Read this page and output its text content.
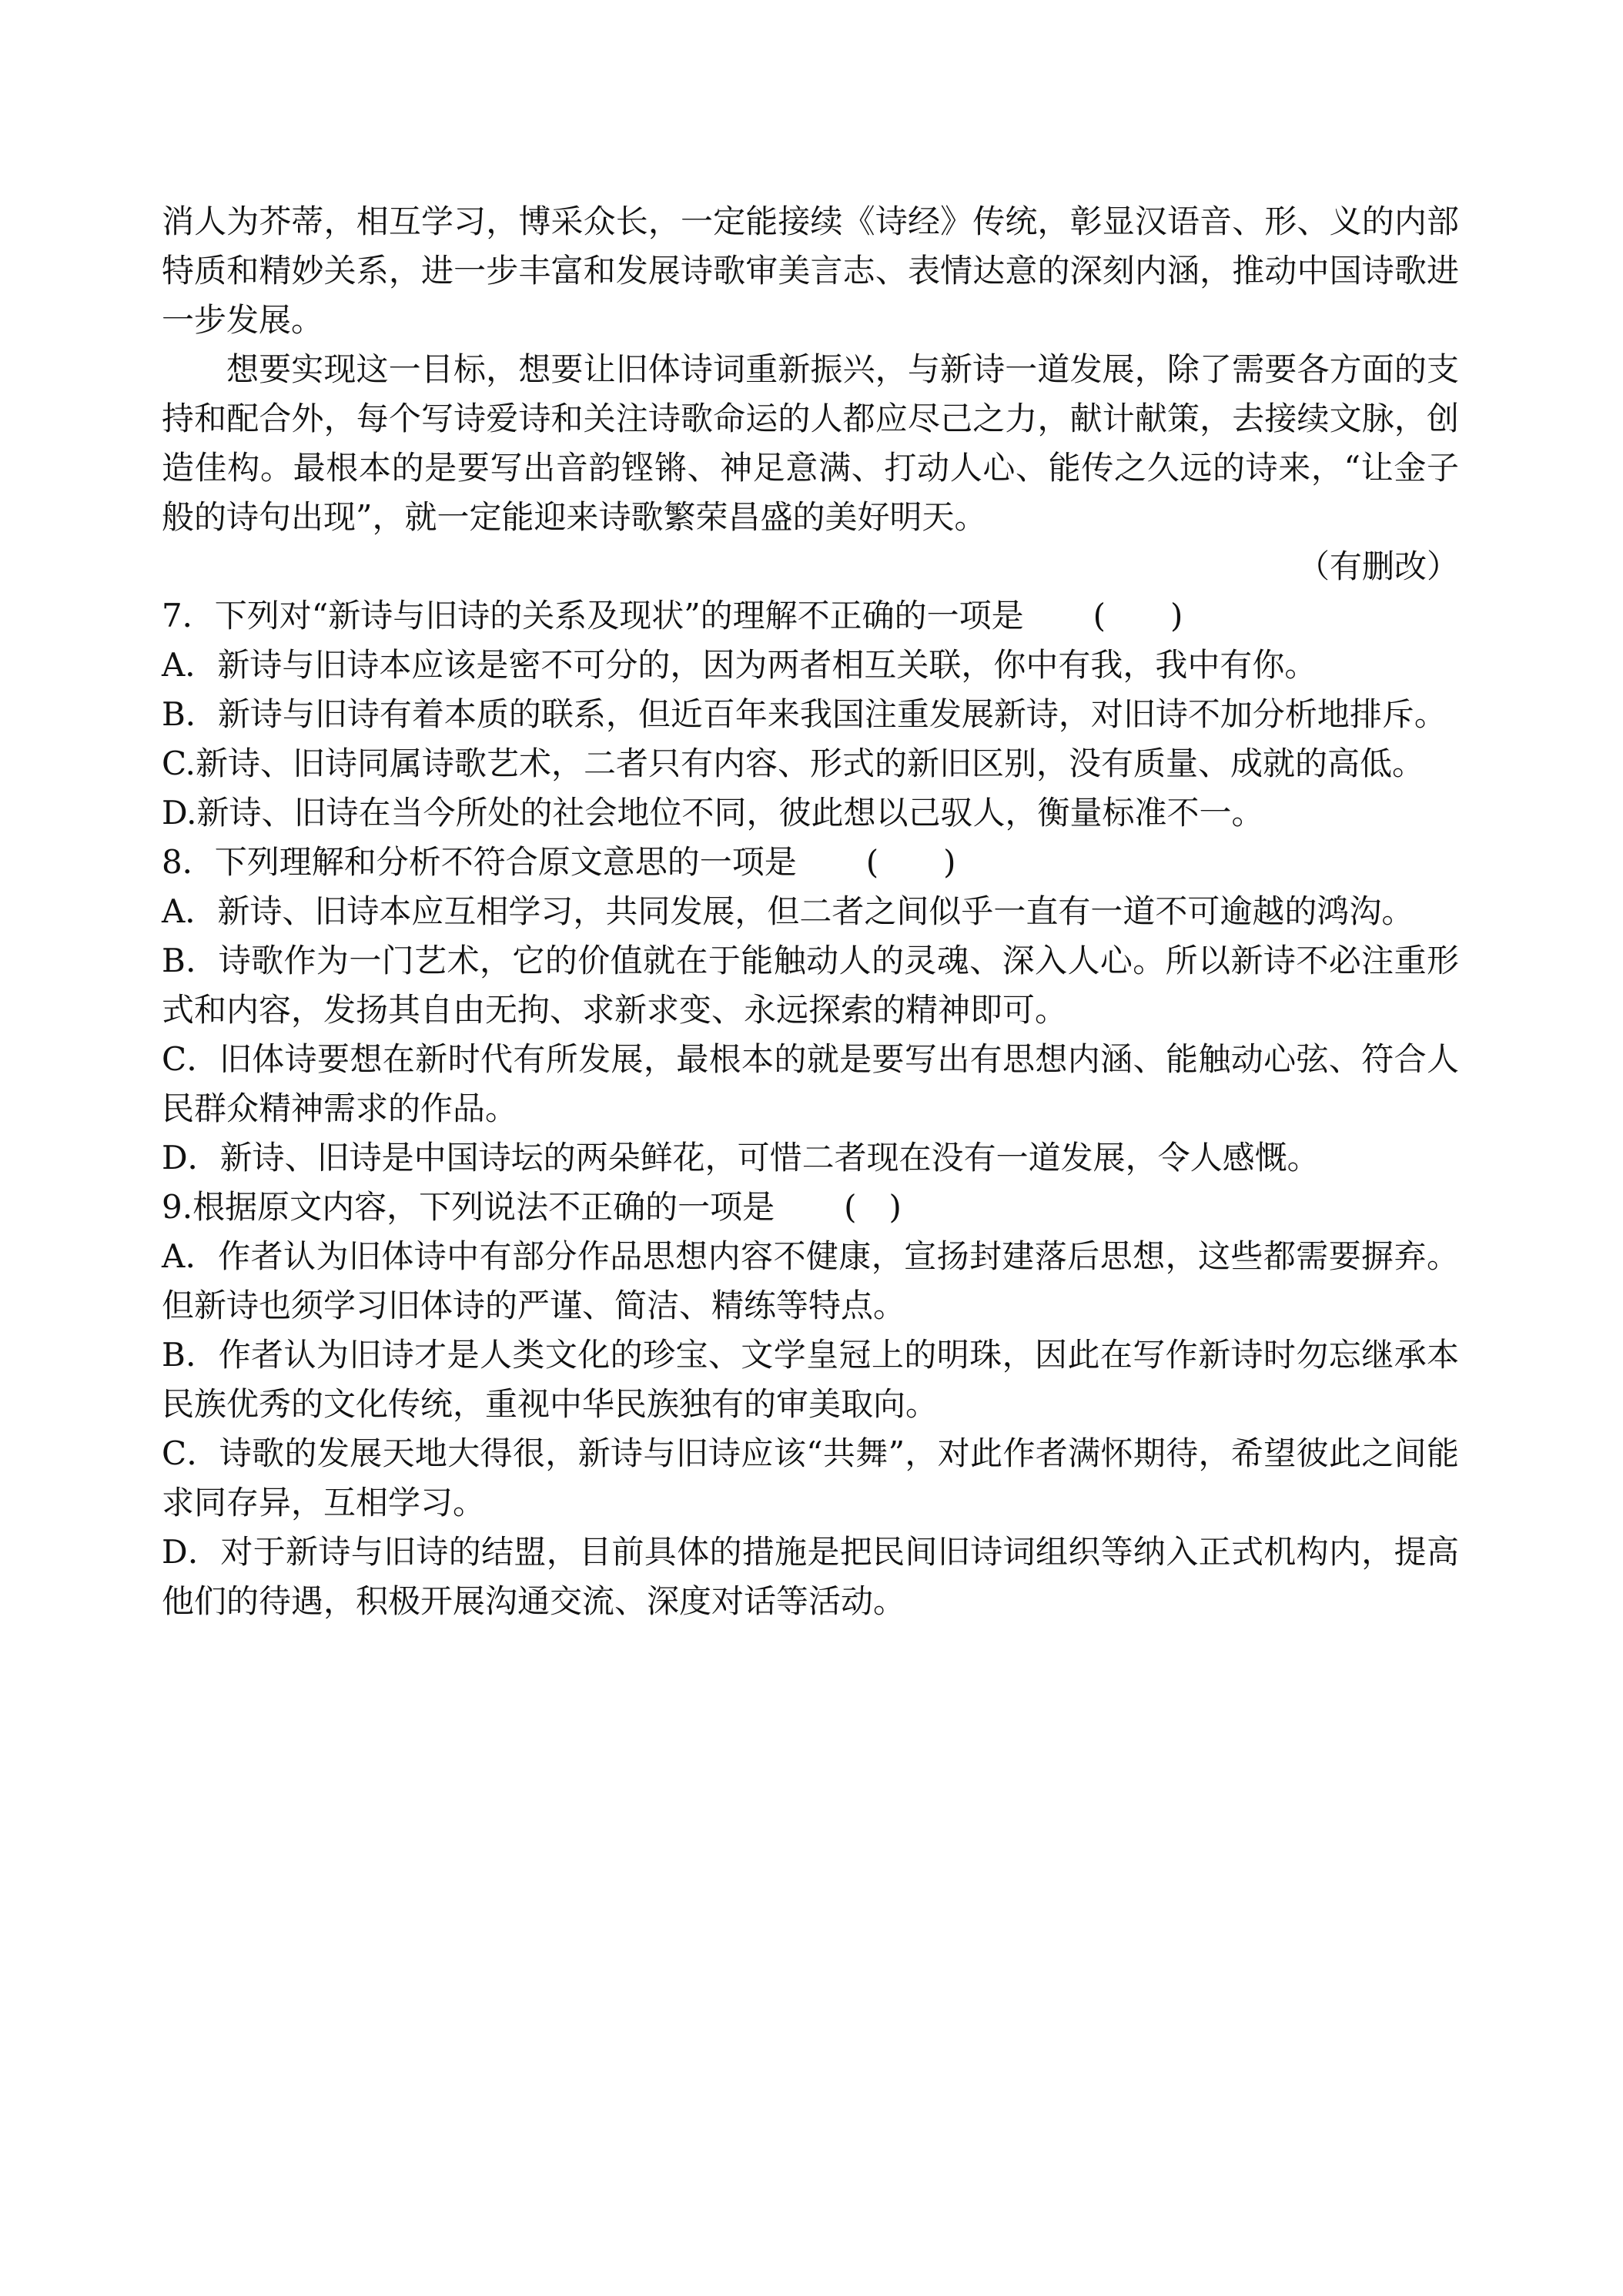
消人为芥蒂，相互学习，博采众长，一定能接续《诗经》传统，彰显汉语音、形、义的内部特质和精妙关系，进一步丰富和发展诗歌审美言志、表情达意的深刻内涵，推动中国诗歌进一步发展。

想要实现这一目标，想要让旧体诗词重新振兴，与新诗一道发展，除了需要各方面的支持和配合外，每个写诗爱诗和关注诗歌命运的人都应尽己之力，献计献策，去接续文脉，创造佳构。最根本的是要写出音韵铿锵、神足意满、打动人心、能传之久远的诗来，“让金子般的诗句出现”，就一定能迎来诗歌繁荣昌盛的美好明天。

（有删改）

7．下列对“新诗与旧诗的关系及现状”的理解不正确的一项是 (　　)

A．新诗与旧诗本应该是密不可分的，因为两者相互关联，你中有我，我中有你。

B．新诗与旧诗有着本质的联系，但近百年来我国注重发展新诗，对旧诗不加分析地排斥。

C.新诗、旧诗同属诗歌艺术，二者只有内容、形式的新旧区别，没有质量、成就的高低。

D.新诗、旧诗在当今所处的社会地位不同，彼此想以己驭人，衡量标准不一。

8．下列理解和分析不符合原文意思的一项是 (　　)

A．新诗、旧诗本应互相学习，共同发展，但二者之间似乎一直有一道不可逾越的鸿沟。

B．诗歌作为一门艺术，它的价值就在于能触动人的灵魂、深入人心。所以新诗不必注重形式和内容，发扬其自由无拘、求新求变、永远探索的精神即可。

C．旧体诗要想在新时代有所发展，最根本的就是要写出有思想内涵、能触动心弦、符合人民群众精神需求的作品。

D．新诗、旧诗是中国诗坛的两朵鲜花，可惜二者现在没有一道发展，令人感慨。

9.根据原文内容，下列说法不正确的一项是 (　)

A．作者认为旧体诗中有部分作品思想内容不健康，宣扬封建落后思想，这些都需要摒弃。但新诗也须学习旧体诗的严谨、简洁、精练等特点。

B．作者认为旧诗才是人类文化的珍宝、文学皇冠上的明珠，因此在写作新诗时勿忘继承本民族优秀的文化传统，重视中华民族独有的审美取向。

C．诗歌的发展天地大得很，新诗与旧诗应该“共舞”，对此作者满怀期待，希望彼此之间能求同存异，互相学习。

D．对于新诗与旧诗的结盟，目前具体的措施是把民间旧诗词组织等纳入正式机构内，提高他们的待遇，积极开展沟通交流、深度对话等活动。
